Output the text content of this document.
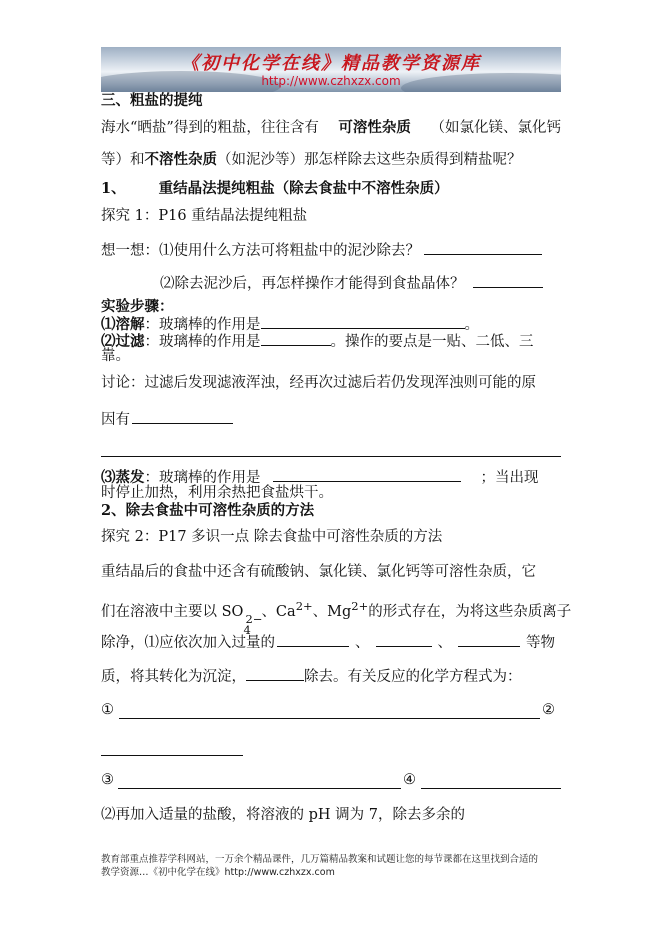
《初中化学在线》精品教学资源库
http://www.czhxzx.com
三、粗盐的提纯
海水“晒盐”得到的粗盐，往往含有 可溶性杂质 （如氯化镁、氯化钙
等）和不溶性杂质（如泥沙等）那怎样除去这些杂质得到精盐呢？
1、 重结晶法提纯粗盐（除去食盐中不溶性杂质）
探究 1：P16 重结晶法提纯粗盐
想一想：⑴使用什么方法可将粗盐中的泥沙除去？
⑵除去泥沙后，再怎样操作才能得到食盐晶体？
实验步骤：
⑴溶解：玻璃棒的作用是	。
⑵过滤：玻璃棒的作用是	。操作的要点是一贴、二低、三
靠。
讨论：过滤后发现滤液浑浊，经再次过滤后若仍发现浑浊则可能的原
因有
⑶蒸发：玻璃棒的作用是	；当出现
时停止加热，利用余热把食盐烘干。
2、除去食盐中可溶性杂质的方法
探究 2：P17 多识一点 除去食盐中可溶性杂质的方法
重结晶后的食盐中还含有硫酸钠、氯化镁、氯化钙等可溶性杂质，它
们在溶液中主要以 SO
4
2− 、$Ca^{2+}$、$Mg^{2+}$的形式存在，为将这些杂质离子
除净，⑴应依次加入过量的	、	、	等物
质，将其转化为沉淀，	除去。有关反应的化学方程式为：
①	②
③	④
⑵再加入适量的盐酸，将溶液的 pH 调为 7，除去多余的
教育部重点推荐学科网站，一万余个精品课件，几万篇精品教案和试题让您的每节课都在这里找到合适的
教学资源…《初中化学在线》http://www.czhxzx.com
